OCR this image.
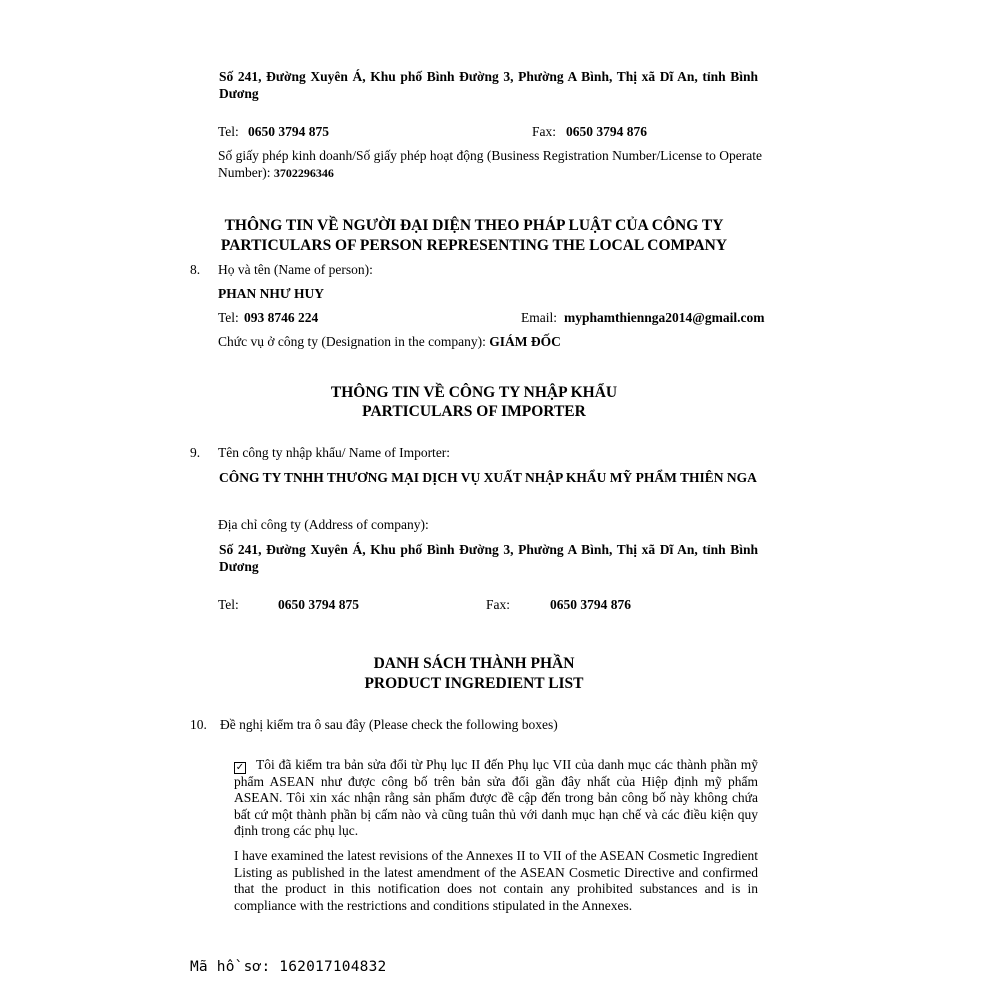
Số 241, Đường Xuyên Á, Khu phố Bình Đường 3, Phường A Bình, Thị xã Dĩ An, tỉnh Bình Dương
Tel: 0650 3794 875	Fax: 0650 3794 876
Số giấy phép kinh doanh/Số giấy phép hoạt động (Business Registration Number/License to Operate Number): 3702296346
THÔNG TIN VỀ NGƯỜI ĐẠI DIỆN THEO PHÁP LUẬT CỦA CÔNG TY
PARTICULARS OF PERSON REPRESENTING THE LOCAL COMPANY
8. Họ và tên (Name of person):
PHAN NHƯ HUY
Tel: 093 8746 224	Email: myphamthiennga2014@gmail.com
Chức vụ ở công ty (Designation in the company): GIÁM ĐỐC
THÔNG TIN VỀ CÔNG TY NHẬP KHẨU
PARTICULARS OF IMPORTER
9. Tên công ty nhập khẩu/ Name of Importer:
CÔNG TY TNHH THƯƠNG MẠI DỊCH VỤ XUẤT NHẬP KHẨU MỸ PHẨM THIÊN NGA
Địa chỉ công ty (Address of company):
Số 241, Đường Xuyên Á, Khu phố Bình Đường 3, Phường A Bình, Thị xã Dĩ An, tỉnh Bình Dương
Tel:	0650 3794 875	Fax:	0650 3794 876
DANH SÁCH THÀNH PHẦN
PRODUCT INGREDIENT LIST
10. Đề nghị kiểm tra ô sau đây (Please check the following boxes)
✓ Tôi đã kiểm tra bản sửa đổi từ Phụ lục II đến Phụ lục VII của danh mục các thành phần mỹ phẩm ASEAN như được công bố trên bản sửa đổi gần đây nhất của Hiệp định mỹ phẩm ASEAN. Tôi xin xác nhận rằng sản phẩm được đề cập đến trong bản công bố này không chứa bất cứ một thành phần bị cấm nào và cũng tuân thủ với danh mục hạn chế và các điều kiện quy định trong các phụ lục.
I have examined the latest revisions of the Annexes II to VII of the ASEAN Cosmetic Ingredient Listing as published in the latest amendment of the ASEAN Cosmetic Directive and confirmed that the product in this notification does not contain any prohibited substances and is in compliance with the restrictions and conditions stipulated in the Annexes.
Mã hồ sơ: 162017104832
